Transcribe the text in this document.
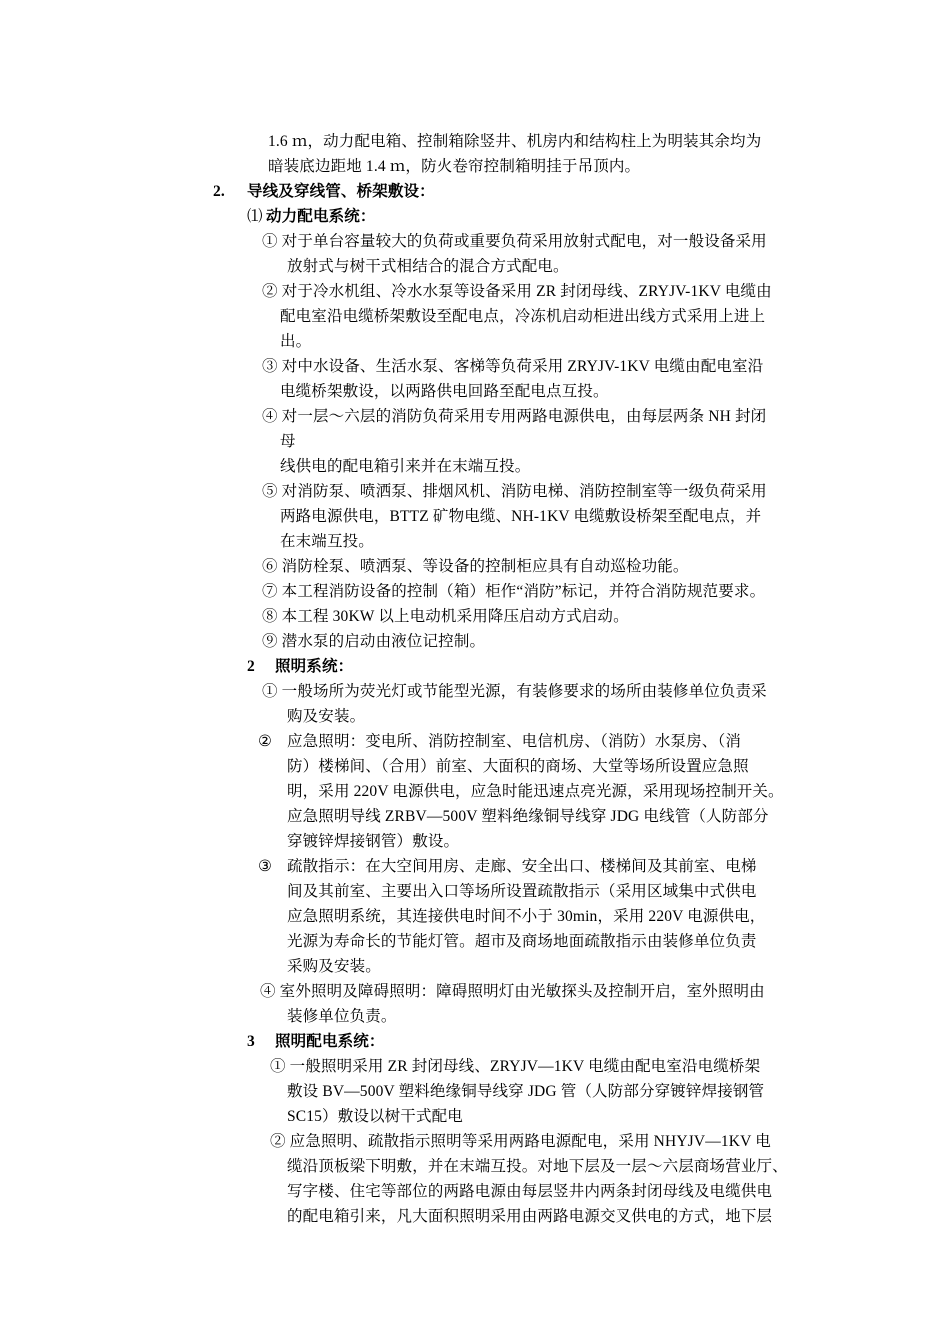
1.6 ｍ，动力配电箱、控制箱除竖井、机房内和结构柱上为明装其余均为
暗装底边距地 1.4 ｍ，防火卷帘控制箱明挂于吊顶内。
2. 导线及穿线管、桥架敷设：
⑴ 动力配电系统：
① 对于单台容量较大的负荷或重要负荷采用放射式配电，对一般设备采用
放射式与树干式相结合的混合方式配电。
② 对于冷水机组、冷水水泵等设备采用 ZR 封闭母线、ZRYJV-1KV 电缆由
配电室沿电缆桥架敷设至配电点，冷冻机启动柜进出线方式采用上进上
出。
③ 对中水设备、生活水泵、客梯等负荷采用 ZRYJV-1KV 电缆由配电室沿
电缆桥架敷设，以两路供电回路至配电点互投。
④ 对一层～六层的消防负荷采用专用两路电源供电，由每层两条 NH 封闭
母
线供电的配电箱引来并在末端互投。
⑤ 对消防泵、喷洒泵、排烟风机、消防电梯、消防控制室等一级负荷采用
两路电源供电，BTTZ 矿物电缆、NH-1KV 电缆敷设桥架至配电点，并
在末端互投。
⑥ 消防栓泵、喷洒泵、等设备的控制柜应具有自动巡检功能。
⑦ 本工程消防设备的控制（箱）柜作“消防”标记，并符合消防规范要求。
⑧ 本工程 30KW 以上电动机采用降压启动方式启动。
⑨ 潜水泵的启动由液位记控制。
2 照明系统：
① 一般场所为荧光灯或节能型光源，有装修要求的场所由装修单位负责采
购及安装。
② 应急照明：变电所、消防控制室、电信机房、（消防）水泵房、（消
防）楼梯间、（合用）前室、大面积的商场、大堂等场所设置应急照
明，采用 220V 电源供电，应急时能迅速点亮光源，采用现场控制开关。
应急照明导线 ZRBV—500V 塑料绝缘铜导线穿 JDG 电线管（人防部分
穿镀锌焊接钢管）敷设。
③ 疏散指示：在大空间用房、走廊、安全出口、楼梯间及其前室、电梯
间及其前室、主要出入口等场所设置疏散指示（采用区域集中式供电
应急照明系统，其连接供电时间不小于 30min，采用 220V 电源供电，
光源为寿命长的节能灯管。超市及商场地面疏散指示由装修单位负责
采购及安装。
④ 室外照明及障碍照明：障碍照明灯由光敏探头及控制开启，室外照明由
装修单位负责。
3 照明配电系统：
① 一般照明采用 ZR 封闭母线、ZRYJV—1KV 电缆由配电室沿电缆桥架
敷设 BV—500V 塑料绝缘铜导线穿 JDG 管（人防部分穿镀锌焊接钢管
SC15）敷设以树干式配电
② 应急照明、疏散指示照明等采用两路电源配电，采用 NHYJV—1KV 电
缆沿顶板梁下明敷，并在末端互投。对地下层及一层～六层商场营业厅、
写字楼、住宅等部位的两路电源由每层竖井内两条封闭母线及电缆供电
的配电箱引来，凡大面积照明采用由两路电源交叉供电的方式，地下层
